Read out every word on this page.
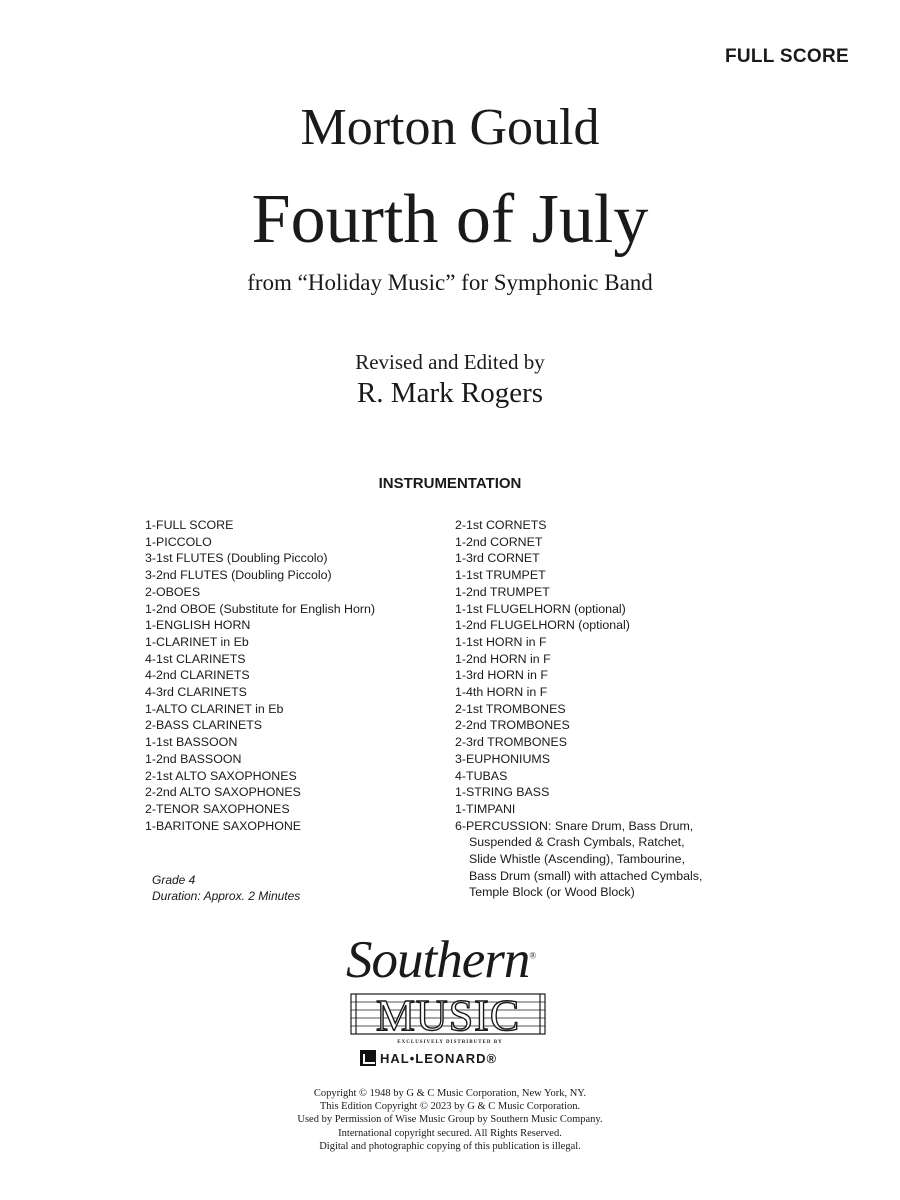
FULL SCORE
Morton Gould
Fourth of July
from “Holiday Music” for Symphonic Band
Revised and Edited by
R. Mark Rogers
INSTRUMENTATION
1-FULL SCORE
1-PICCOLO
3-1st FLUTES (Doubling Piccolo)
3-2nd FLUTES (Doubling Piccolo)
2-OBOES
1-2nd OBOE (Substitute for English Horn)
1-ENGLISH HORN
1-CLARINET in Eb
4-1st CLARINETS
4-2nd CLARINETS
4-3rd CLARINETS
1-ALTO CLARINET in Eb
2-BASS CLARINETS
1-1st BASSOON
1-2nd BASSOON
2-1st ALTO SAXOPHONES
2-2nd ALTO SAXOPHONES
2-TENOR SAXOPHONES
1-BARITONE SAXOPHONE
2-1st CORNETS
1-2nd CORNET
1-3rd CORNET
1-1st TRUMPET
1-2nd TRUMPET
1-1st FLUGELHORN (optional)
1-2nd FLUGELHORN (optional)
1-1st HORN in F
1-2nd HORN in F
1-3rd HORN in F
1-4th HORN in F
2-1st TROMBONES
2-2nd TROMBONES
2-3rd TROMBONES
3-EUPHONIUMS
4-TUBAS
1-STRING BASS
1-TIMPANI
6-PERCUSSION: Snare Drum, Bass Drum,
Suspended & Crash Cymbals, Ratchet,
Slide Whistle (Ascending), Tambourine,
Bass Drum (small) with attached Cymbals,
Temple Block (or Wood Block)
Grade 4
Duration: Approx. 2 Minutes
Southern®
MUSIC
EXCLUSIVELY DISTRIBUTED BY
HAL•LEONARD®
Copyright © 1948 by G & C Music Corporation, New York, NY.
This Edition Copyright © 2023 by G & C Music Corporation.
Used by Permission of Wise Music Group by Southern Music Company.
International copyright secured. All Rights Reserved.
Digital and photographic copying of this publication is illegal.
